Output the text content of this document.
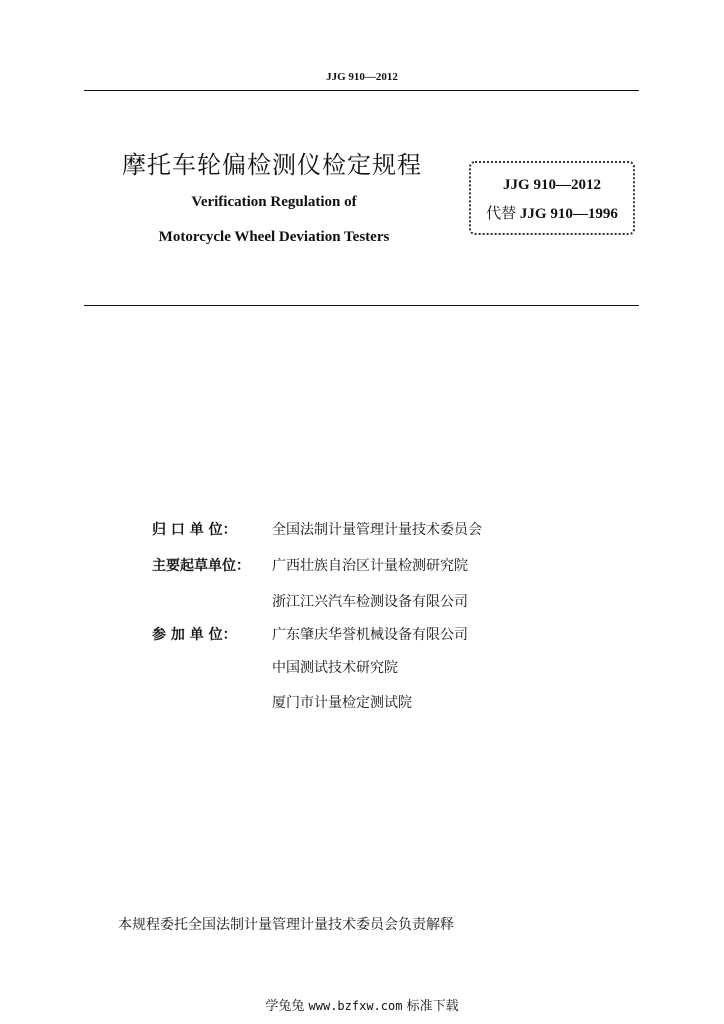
JJG 910—2012
摩托车轮偏检测仪检定规程
Verification Regulation of
Motorcycle Wheel Deviation Testers
JJG 910—2012
代替 JJG 910—1996
归 口 单 位：	全国法制计量管理计量技术委员会
主要起草单位： 广西壮族自治区计量检测研究院
浙江江兴汽车检测设备有限公司
参 加 单 位：	广东肇庆华誉机械设备有限公司
中国测试技术研究院
厦门市计量检定测试院
本规程委托全国法制计量管理计量技术委员会负责解释
学兔兔 www.bzfxw.com 标准下载
